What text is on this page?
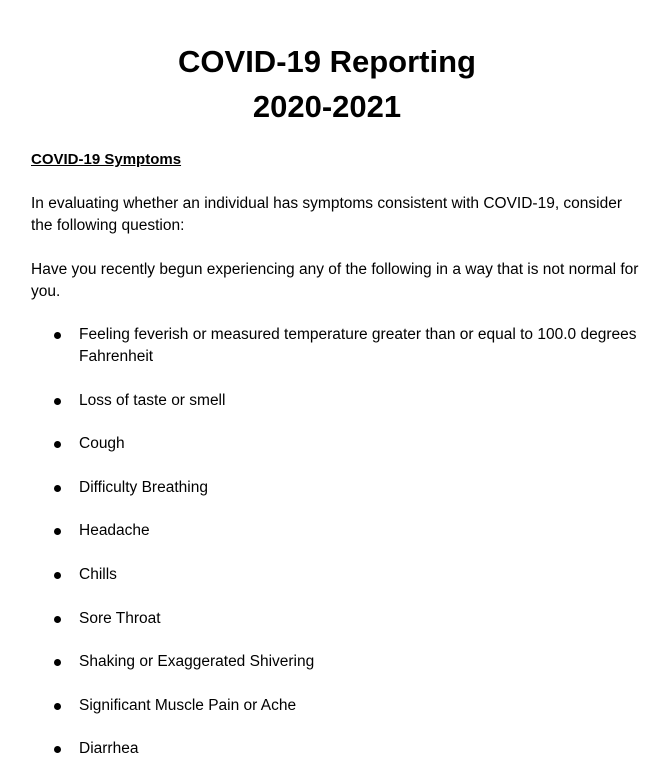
COVID-19 Reporting
2020-2021
COVID-19 Symptoms

In evaluating whether an individual has symptoms consistent with COVID-19, consider the following question:

Have you recently begun experiencing any of the following in a way that is not normal for you.

Feeling feverish or measured temperature greater than or equal to 100.0 degrees Fahrenheit
Loss of taste or smell
Cough
Difficulty Breathing
Headache
Chills
Sore Throat
Shaking or Exaggerated Shivering
Significant Muscle Pain or Ache
Diarrhea
